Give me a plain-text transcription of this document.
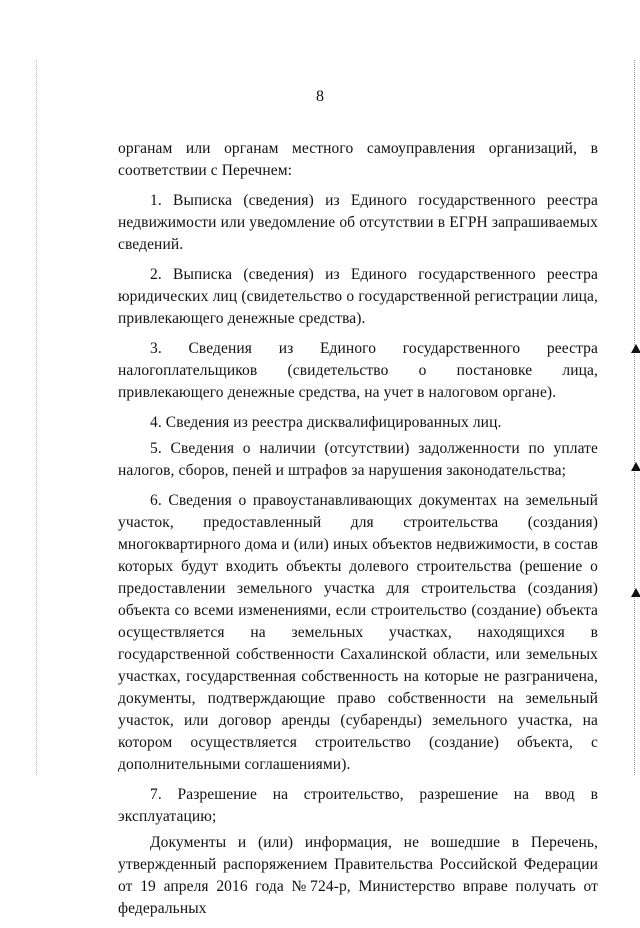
8

органам или органам местного самоуправления организаций, в соответствии с Перечнем:

1. Выписка (сведения) из Единого государственного реестра недвижимости или уведомление об отсутствии в ЕГРН запрашиваемых сведений.

2. Выписка (сведения) из Единого государственного реестра юридических лиц (свидетельство о государственной регистрации лица, привлекающего денежные средства).

3. Сведения из Единого государственного реестра налогоплательщиков (свидетельство о постановке лица, привлекающего денежные средства, на учет в налоговом органе).

4. Сведения из реестра дисквалифицированных лиц.

5. Сведения о наличии (отсутствии) задолженности по уплате налогов, сборов, пеней и штрафов за нарушения законодательства;

6. Сведения о правоустанавливающих документах на земельный участок, предоставленный для строительства (создания) многоквартирного дома и (или) иных объектов недвижимости, в состав которых будут входить объекты долевого строительства (решение о предоставлении земельного участка для строительства (создания) объекта со всеми изменениями, если строительство (создание) объекта осуществляется на земельных участках, находящихся в государственной собственности Сахалинской области, или земельных участках, государственная собственность на которые не разграничена, документы, подтверждающие право собственности на земельный участок, или договор аренды (субаренды) земельного участка, на котором осуществляется строительство (создание) объекта, с дополнительными соглашениями).

7. Разрешение на строительство, разрешение на ввод в эксплуатацию;

Документы и (или) информация, не вошедшие в Перечень, утвержденный распоряжением Правительства Российской Федерации от 19 апреля 2016 года №724-р, Министерство вправе получать от федеральных
